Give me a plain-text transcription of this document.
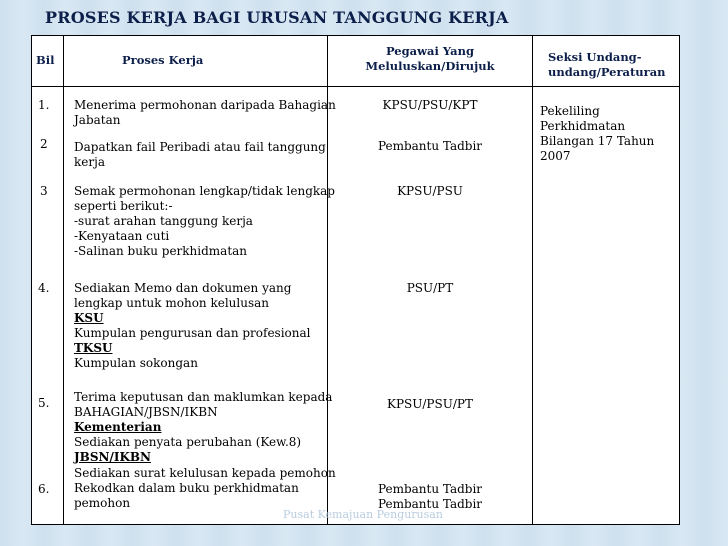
PROSES KERJA BAGI URUSAN TANGGUNG KERJA
Bil	Proses Kerja
Pegawai Yang
Meluluskan/Dirujuk
Seksi Undang-
undang/Peraturan
1. Menerima permohonan daripada Bahagian
Jabatan
KPSU/PSU/KPT
2 Dapatkan fail Peribadi atau fail tanggung
kerja
Pembantu Tadbir
3 Semak permohonan lengkap/tidak lengkap
seperti berikut:-
-surat arahan tanggung kerja
-Kenyataan cuti
-Salinan buku perkhidmatan
KPSU/PSU
4. Sediakan Memo dan dokumen yang
lengkap untuk mohon kelulusan
KSU
Kumpulan pengurusan dan profesional
TKSU
Kumpulan sokongan
PSU/PT
5. Terima keputusan dan maklumkan kepada
BAHAGIAN/JBSN/IKBN
Kementerian
Sediakan penyata perubahan (Kew.8)
JBSN/IKBN
KPSU/PSU/PT
6.
Sediakan surat kelulusan kepada pemohon
Rekodkan dalam buku perkhidmatan
pemohon
Pembantu Tadbir
Pembantu Tadbir
Pekeliling
Perkhidmatan
Bilangan 17 Tahun
2007
Pusat Kemajuan Pengurusan
